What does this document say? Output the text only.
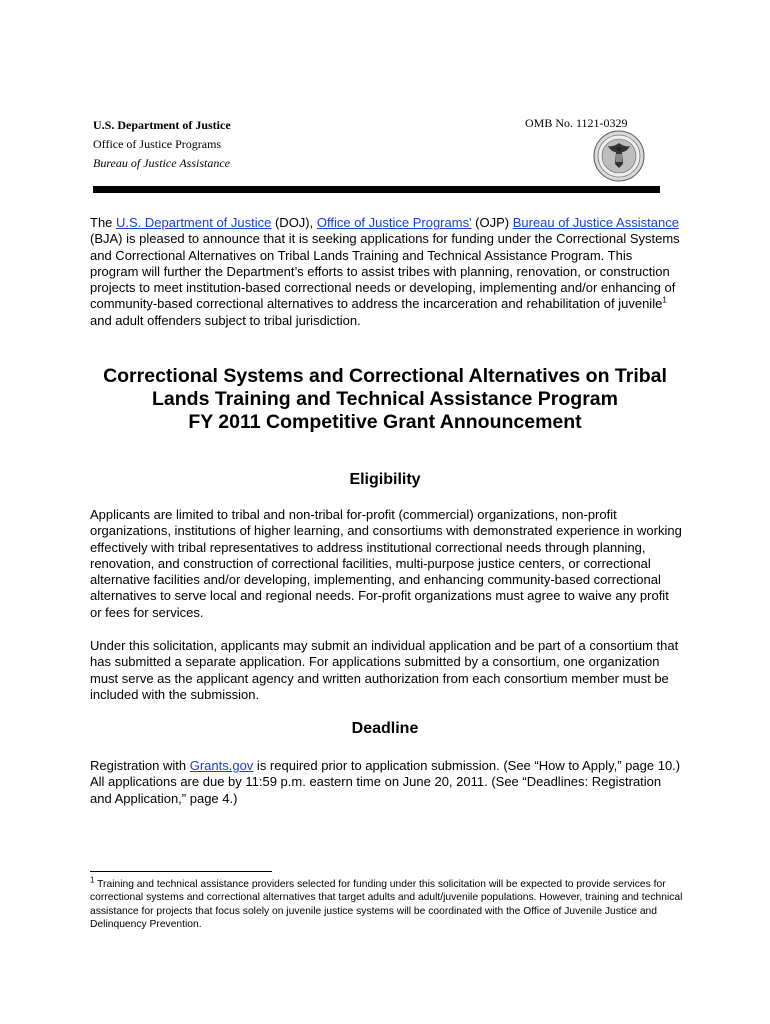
U.S. Department of Justice
Office of Justice Programs
Bureau of Justice Assistance
OMB No. 1121-0329

The U.S. Department of Justice (DOJ), Office of Justice Programs' (OJP) Bureau of Justice Assistance (BJA) is pleased to announce that it is seeking applications for funding under the Correctional Systems and Correctional Alternatives on Tribal Lands Training and Technical Assistance Program. This program will further the Department’s efforts to assist tribes with planning, renovation, or construction projects to meet institution-based correctional needs or developing, implementing and/or enhancing of community-based correctional alternatives to address the incarceration and rehabilitation of juvenile$^1$ and adult offenders subject to tribal jurisdiction.

Correctional Systems and Correctional Alternatives on Tribal
Lands Training and Technical Assistance Program
FY 2011 Competitive Grant Announcement
Eligibility

Applicants are limited to tribal and non-tribal for-profit (commercial) organizations, non-profit organizations, institutions of higher learning, and consortiums with demonstrated experience in working effectively with tribal representatives to address institutional correctional needs through planning, renovation, and construction of correctional facilities, multi-purpose justice centers, or correctional alternative facilities and/or developing, implementing, and enhancing community-based correctional alternatives to serve local and regional needs. For-profit organizations must agree to waive any profit or fees for services.

Under this solicitation, applicants may submit an individual application and be part of a consortium that has submitted a separate application. For applications submitted by a consortium, one organization must serve as the applicant agency and written authorization from each consortium member must be included with the submission.

Deadline

Registration with Grants.gov is required prior to application submission. (See “How to Apply,” page 10.) All applications are due by 11:59 p.m. eastern time on June 20, 2011. (See “Deadlines: Registration and Application,” page 4.)

$^1$ Training and technical assistance providers selected for funding under this solicitation will be expected to provide services for correctional systems and correctional alternatives that target adults and adult/juvenile populations. However, training and technical assistance for projects that focus solely on juvenile justice systems will be coordinated with the Office of Juvenile Justice and Delinquency Prevention.
